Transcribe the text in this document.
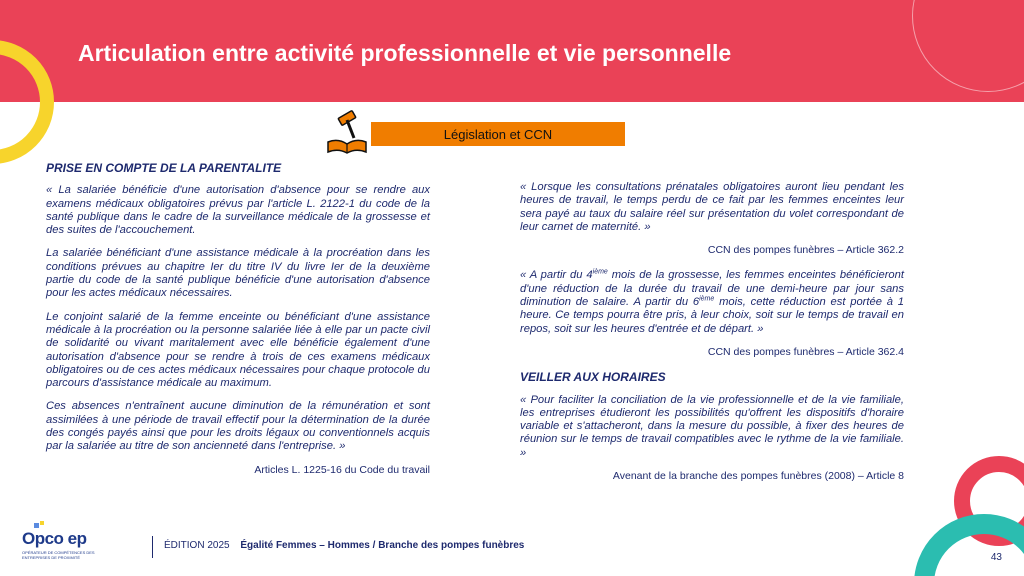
Articulation entre activité professionnelle et vie personnelle
Législation et CCN

PRISE EN COMPTE DE LA PARENTALITE

« La salariée bénéficie d'une autorisation d'absence pour se rendre aux examens médicaux obligatoires prévus par l'article L. 2122-1 du code de la santé publique dans le cadre de la surveillance médicale de la grossesse et des suites de l'accouchement.

La salariée bénéficiant d'une assistance médicale à la procréation dans les conditions prévues au chapitre Ier du titre IV du livre Ier de la deuxième partie du code de la santé publique bénéficie d'une autorisation d'absence pour les actes médicaux nécessaires.

Le conjoint salarié de la femme enceinte ou bénéficiant d'une assistance médicale à la procréation ou la personne salariée liée à elle par un pacte civil de solidarité ou vivant maritalement avec elle bénéficie également d'une autorisation d'absence pour se rendre à trois de ces examens médicaux obligatoires ou de ces actes médicaux nécessaires pour chaque protocole du parcours d'assistance médicale au maximum.

Ces absences n'entraînent aucune diminution de la rémunération et sont assimilées à une période de travail effectif pour la détermination de la durée des congés payés ainsi que pour les droits légaux ou conventionnels acquis par la salariée au titre de son ancienneté dans l'entreprise. »

Articles L. 1225-16 du Code du travail

« Lorsque les consultations prénatales obligatoires auront lieu pendant les heures de travail, le temps perdu de ce fait par les femmes enceintes leur sera payé au taux du salaire réel sur présentation du volet correspondant de leur carnet de maternité. »

CCN des pompes funèbres – Article 362.2

« A partir du 4ième mois de la grossesse, les femmes enceintes bénéficieront d'une réduction de la durée du travail de une demi-heure par jour sans diminution de salaire. A partir du 6ième mois, cette réduction est portée à 1 heure. Ce temps pourra être pris, à leur choix, soit sur le temps de travail en repos, soit sur les heures d'entrée et de départ. »

CCN des pompes funèbres – Article 362.4

VEILLER AUX HORAIRES

« Pour faciliter la conciliation de la vie professionnelle et de la vie familiale, les entreprises étudieront les possibilités qu'offrent les dispositifs d'horaire variable et s'attacheront, dans la mesure du possible, à fixer des heures de réunion sur le temps de travail compatibles avec le rythme de la vie familiale. »

Avenant de la branche des pompes funèbres (2008) – Article 8

Opco ep
OPÉRATEUR DE COMPÉTENCES DES ENTREPRISES DE PROXIMITÉ
ÉDITION 2025 Égalité Femmes – Hommes / Branche des pompes funèbres
43
